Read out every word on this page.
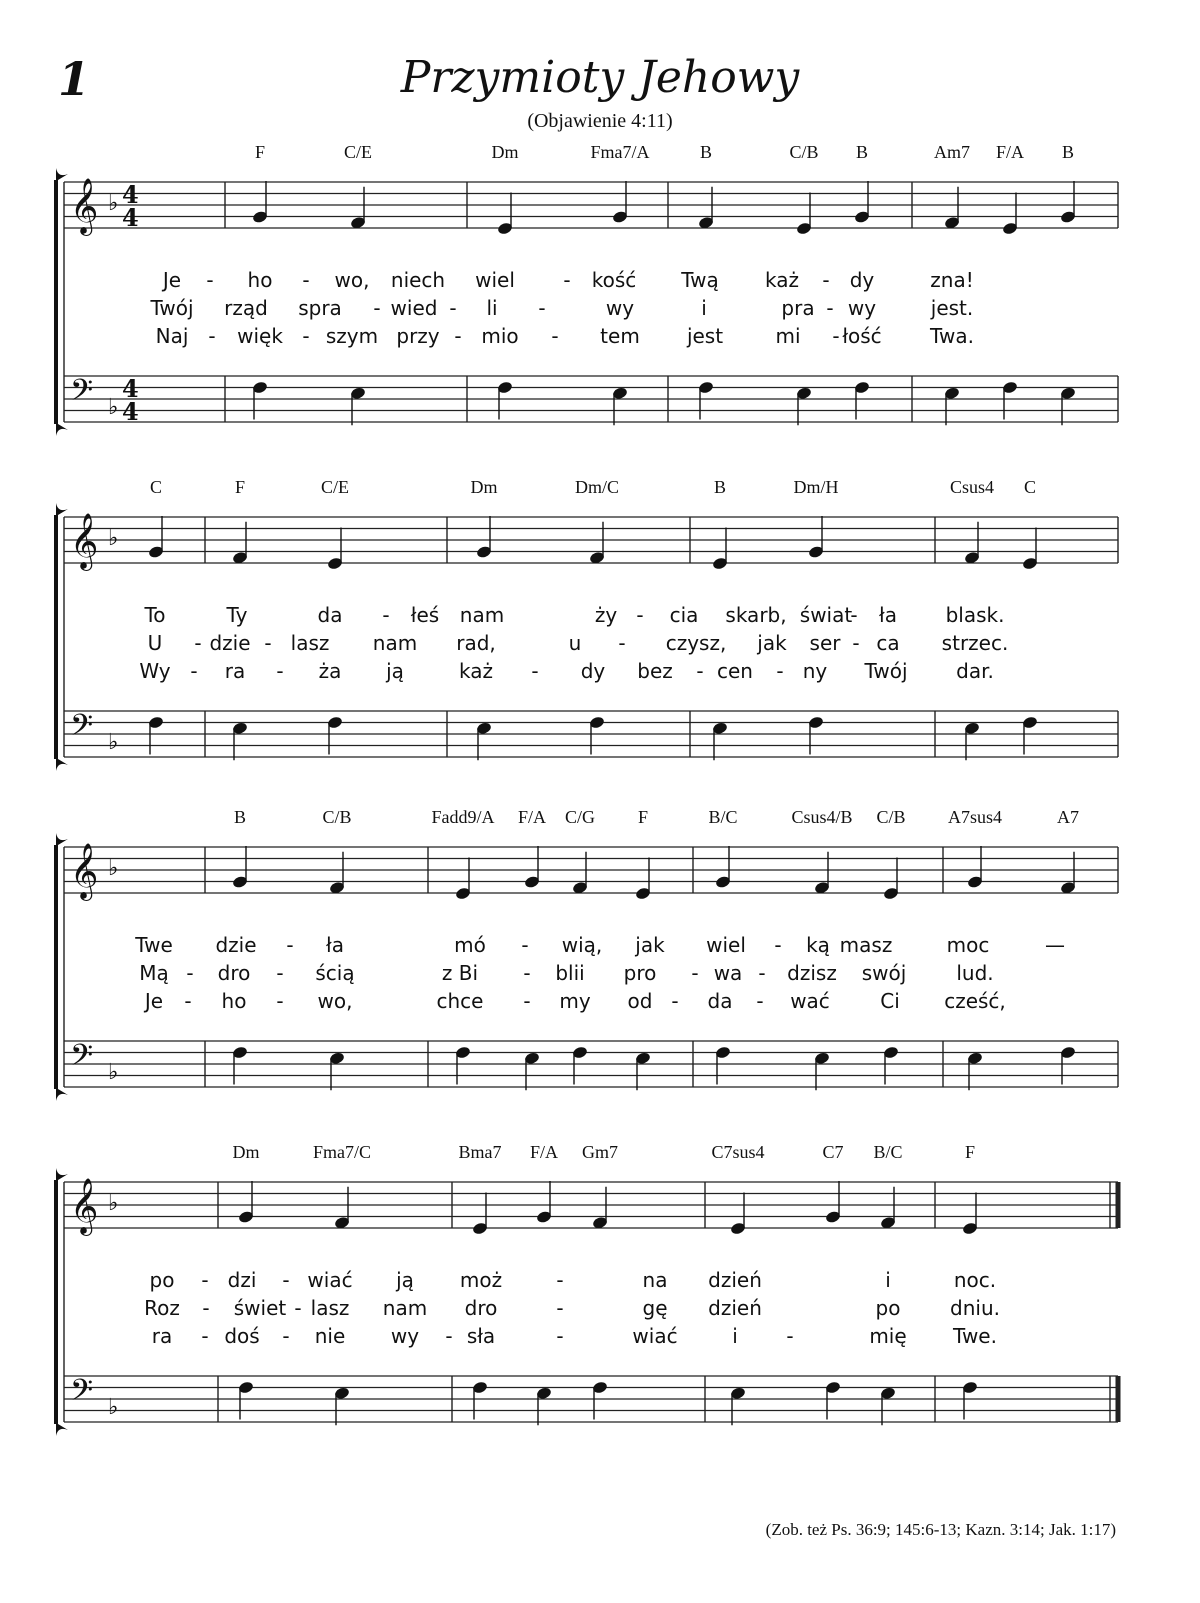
1	Przymioty Jehowy
(Objawienie 4:11)
𝄞 ♭ 4
4
𝄢 ♭
4
4
F	C/E	Dm	Fma7/A	B	C/B B	Am7 F/A B
Je - ho - wo, niech wiel - kość Twą każ - dy	zna!
Twój rząd spra - wied - li -	wy	i	pra - wy	jest.
Naj - więk - szym przy - mio - tem jest	mi - łość Twa.
𝄞 ♭
𝄢 ♭
C	F	C/E	Dm	Dm/C	B	Dm/H	Csus4 C
To	Ty	da - łeś nam	ży - cia skarb, świat
- ła blask.
U - dzie - lasz nam rad,	u - czysz, jak ser - ca strzec.
Wy - ra - ża ją	każ - dy bez - cen - ny Twój dar.
𝄞 ♭
𝄢 ♭
B	C/B	Fadd9/A F/A C/G F	B/C	Csus4/B C/B A7sus4	A7
Twe dzie - ła	mó - wią, jak wiel - ką masz	moc	—
Mą - dro - ścią	z Bi - blii pro - wa - dzisz swój	lud.
Je - ho - wo,	chce - my od - da - wać	Ci cześć,
𝄞 ♭
𝄢 ♭
Dm	Fma7/C	Bma7 F/A Gm7	C7sus4	C7 B/C	F
po - dzi - wiać ją moż	-	na dzień	i	noc.
Roz - świet - lasz nam dro	-	gę dzień	po dniu.
ra - doś - nie wy - sła	-	wiać	i -	mię Twe.
(Zob. też Ps. 36:9; 145:6-13; Kazn. 3:14; Jak. 1:17)
